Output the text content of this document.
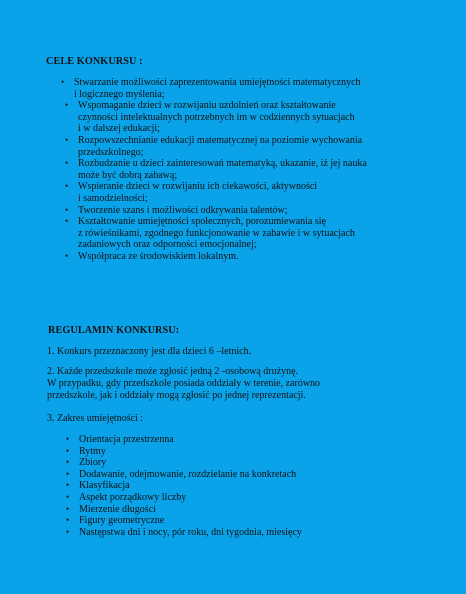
CELE KONKURSU :
• Stwarzanie możliwości zaprezentowania umiejętności matematycznych
i logicznego myślenia;
• Wspomaganie dzieci w rozwijaniu uzdolnień oraz kształtowanie
czynności intelektualnych potrzebnych im w codziennych sytuacjach
i w dalszej edukacji;
• Rozpowszechnianie edukacji matematycznej na poziomie wychowania
przedszkolnego;
• Rozbudzanie u dzieci zainteresowań matematyką, ukazanie, iż jej nauka
może być dobrą zabawą;
• Wspieranie dzieci w rozwijaniu ich ciekawości, aktywności
i samodzielności;
• Tworzenie szans i możliwości odkrywania talentów;
• Kształtowanie umiejętności społecznych, porozumiewania się
z rówieśnikami, zgodnego funkcjonowanie w zabawie i w sytuacjach
zadaniowych oraz odporności emocjonalnej;
• Współpraca ze środowiskiem lokalnym.
REGULAMIN KONKURSU:
1. Konkurs przeznaczony jest dla dzieci 6 –letnich.
2. Każde przedszkole może zgłosić jedną 2 -osobową drużynę.
W przypadku, gdy przedszkole posiada oddziały w terenie, zarówno
przedszkole, jak i oddziały mogą zgłosić po jednej reprezentacji.
3. Zakres umiejętności :
• Orientacja przestrzenna
• Rytmy
• Zbiory
• Dodawanie, odejmowanie, rozdzielanie na konkretach
• Klasyfikacja
• Aspekt porządkowy liczby
• Mierzenie długości
• Figury geometryczne
• Następstwa dni i nocy, pór roku, dni tygodnia, miesięcy
